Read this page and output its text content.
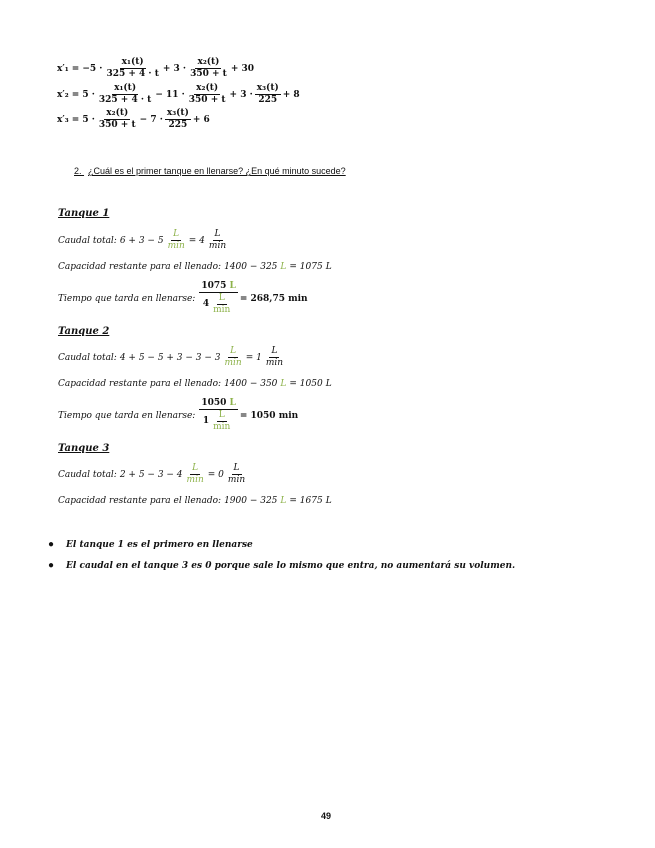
$x'_1 = -5 \cdot \frac{\text{x₁(t)}}{325 + 4 \cdot t} + 3 \cdot \frac{\text{x₂(t)}}{350 + t} + 30$
$x'_2 = 5 \cdot \frac{\text{x₁(t)}}{325 + 4 \cdot t} - 11 \cdot \frac{\text{x₂(t)}}{350 + t} + 3 \cdot \frac{\text{x₃(t)}}{225} + 8$
$x'_3 = 5 \cdot \frac{\text{x₂(t)}}{350 + t} - 7 \cdot \frac{\text{x₃(t)}}{225} + 6$
2. ¿Cuál es el primer tanque en llenarse? ¿En qué minuto sucede?
Tanque 1
Caudal total: $6 + 3 - 5 \frac{L}{\min} = 4 \frac{L}{\min}$
Capacidad restante para el llenado: 1400 − 325 L = 1075 L
Tiempo que tarda en llenarse: $\frac{1075 L}{4 \frac{L}{\min}} = 268,75$ min
Tanque 2
Caudal total: $4 + 5 - 5 + 3 - 3 - 3 \frac{L}{\min} = 1 \frac{L}{\min}$
Capacidad restante para el llenado: 1400 − 350 L = 1050 L
Tiempo que tarda en llenarse: $\frac{1050 L}{1 \frac{L}{\min}} = 1050$ min
Tanque 3
Caudal total: $2 + 5 - 3 - 4 \frac{L}{\min} = 0 \frac{L}{\min}$
Capacidad restante para el llenado: 1900 − 325 L = 1675 L
● El tanque 1 es el primero en llenarse
● El caudal en el tanque 3 es 0 porque sale lo mismo que entra, no aumentará su volumen.
49
